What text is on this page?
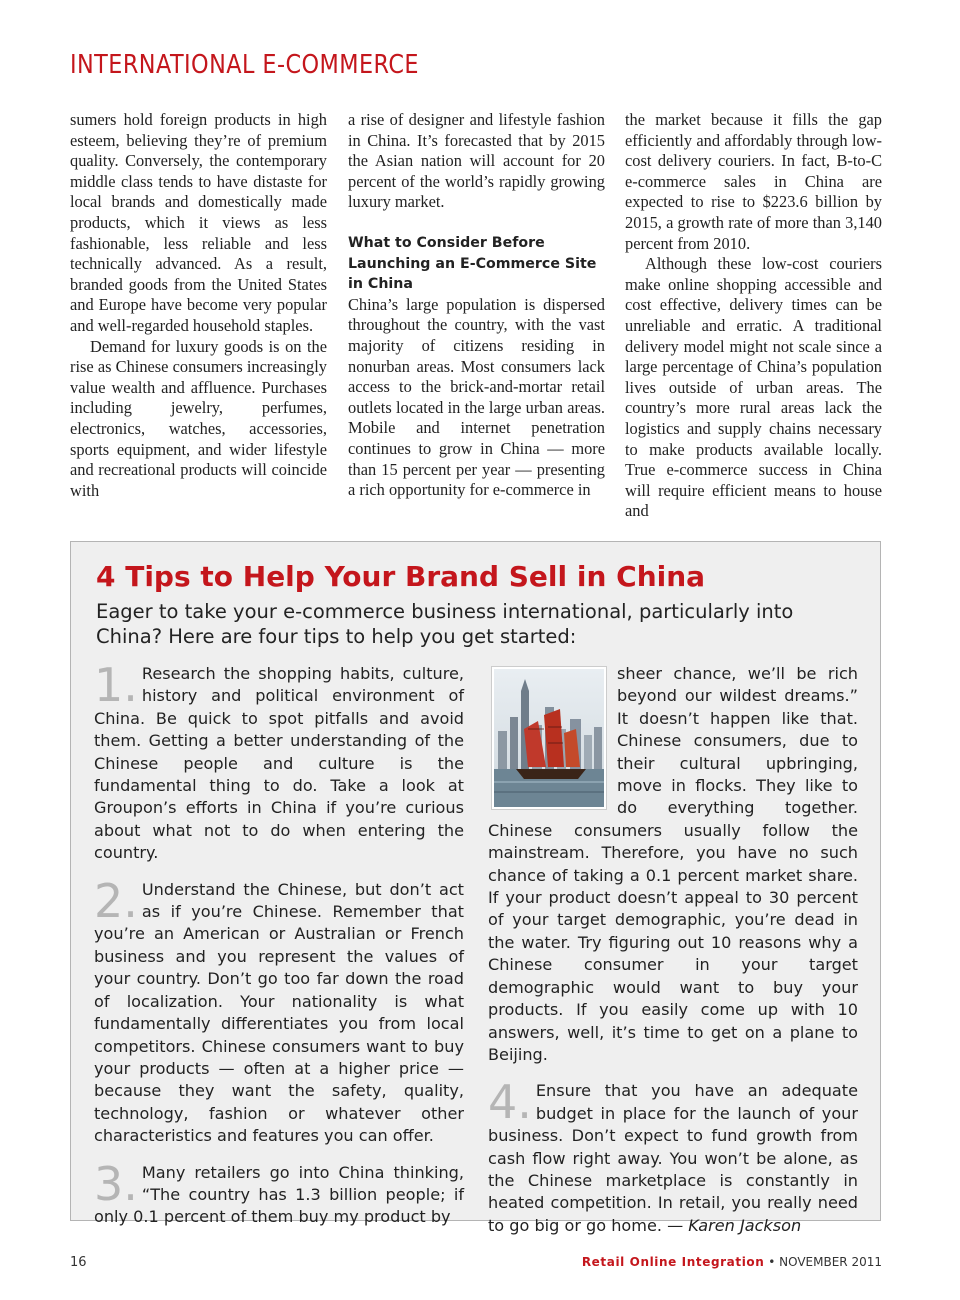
INTERNATIONAL E-COMMERCE

sumers hold foreign products in high esteem, believing they’re of premium quality. Conversely, the contemporary middle class tends to have distaste for local brands and domestically made products, which it views as less fashionable, less reliable and less technically advanced. As a result, branded goods from the United States and Europe have become very popular and well-regarded household staples.

Demand for luxury goods is on the rise as Chinese consumers increasingly value wealth and affluence. Purchases including jewelry, perfumes, electronics, watches, accessories, sports equipment, and wider lifestyle and recreational products will coincide with

a rise of designer and lifestyle fashion in China. It’s forecasted that by 2015 the Asian nation will account for 20 percent of the world’s rapidly growing luxury market.

What to Consider Before Launching an E-Commerce Site in China

China’s large population is dispersed throughout the country, with the vast majority of citizens residing in nonurban areas. Most consumers lack access to the brick-and-mortar retail outlets located in the large urban areas. Mobile and internet penetration continues to grow in China — more than 15 percent per year — presenting a rich opportunity for e-commerce in

the market because it fills the gap efficiently and affordably through low-cost delivery couriers. In fact, B-to-C e-commerce sales in China are expected to rise to $223.6 billion by 2015, a growth rate of more than 3,140 percent from 2010.

Although these low-cost couriers make online shopping accessible and cost effective, delivery times can be unreliable and erratic. A traditional delivery model might not scale since a large percentage of China’s population lives outside of urban areas. The country’s more rural areas lack the logistics and supply chains necessary to make products available locally. True e-commerce success in China will require efficient means to house and

4 Tips to Help Your Brand Sell in China
Eager to take your e-commerce business international, particularly into China? Here are four tips to help you get started:

1. Research the shopping habits, culture, history and political environment of China. Be quick to spot pitfalls and avoid them. Getting a better understanding of the Chinese people and culture is the fundamental thing to do. Take a look at Groupon’s efforts in China if you’re curious about what not to do when entering the country.

2. Understand the Chinese, but don’t act as if you’re Chinese. Remember that you’re an American or Australian or French business and you represent the values of your country. Don’t go too far down the road of localization. Your nationality is what fundamentally differentiates you from local competitors. Chinese consumers want to buy your products — often at a higher price — because they want the safety, quality, technology, fashion or whatever other characteristics and features you can offer.

3. Many retailers go into China thinking, “The country has 1.3 billion people; if only 0.1 percent of them buy my product by

sheer chance, we’ll be rich beyond our wildest dreams.” It doesn’t happen like that. Chinese consumers, due to their cultural upbringing, move in flocks. They like to do everything together. Chinese consumers usually follow the mainstream. Therefore, you have no such chance of taking a 0.1 percent market share. If your product doesn’t appeal to 30 percent of your target demographic, you’re dead in the water. Try figuring out 10 reasons why a Chinese consumer in your target demographic would want to buy your products. If you easily come up with 10 answers, well, it’s time to get on a plane to Beijing.

4. Ensure that you have an adequate budget in place for the launch of your business. Don’t expect to fund growth from cash flow right away. You won’t be alone, as the Chinese marketplace is constantly in heated competition. In retail, you really need to go big or go home. — Karen Jackson

16	Retail Online Integration • NOVEMBER 2011
